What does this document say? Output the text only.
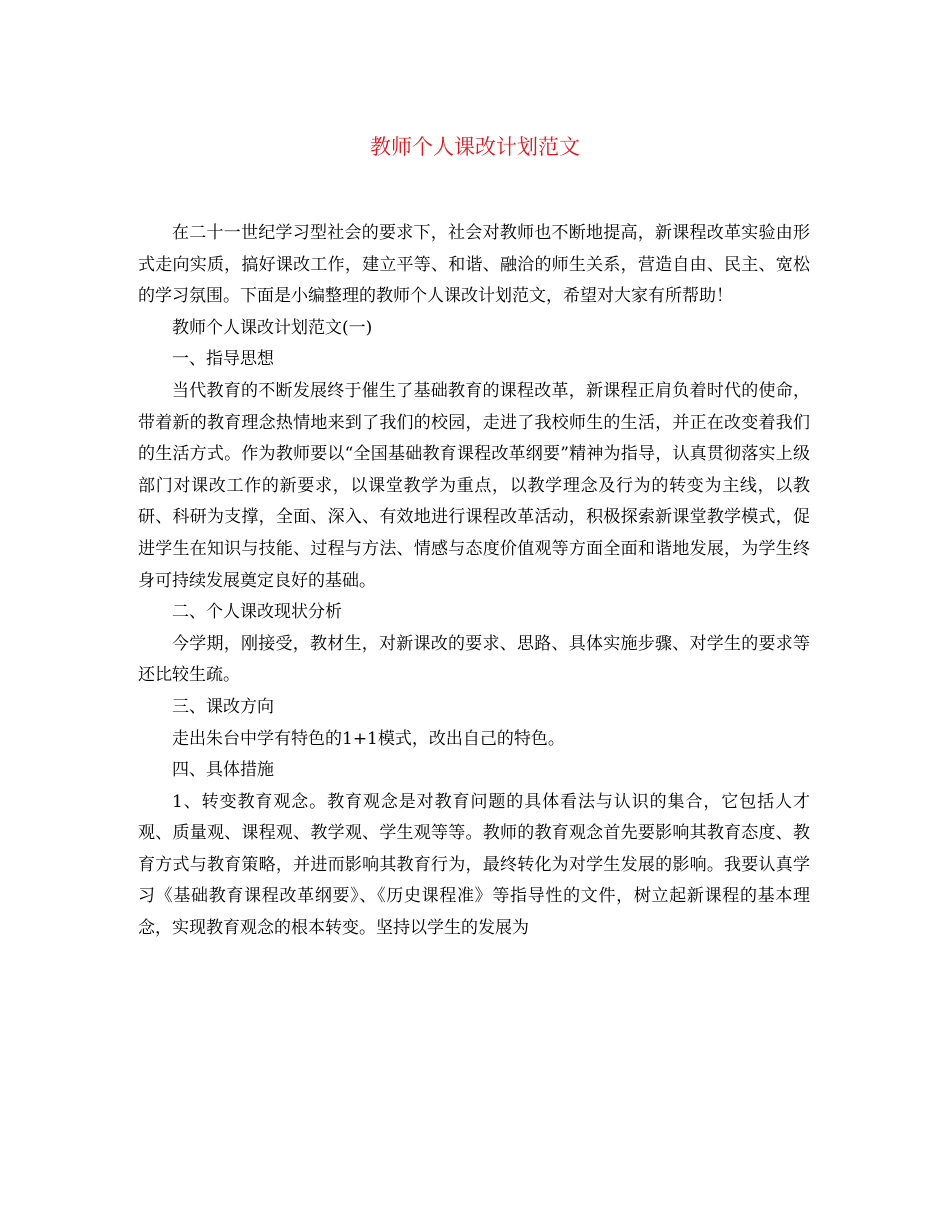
教师个人课改计划范文

在二十一世纪学习型社会的要求下，社会对教师也不断地提高，新课程改革实验由形式走向实质，搞好课改工作，建立平等、和谐、融洽的师生关系，营造自由、民主、宽松的学习氛围。下面是小编整理的教师个人课改计划范文，希望对大家有所帮助！

教师个人课改计划范文(一)

一、指导思想

当代教育的不断发展终于催生了基础教育的课程改革，新课程正肩负着时代的使命，带着新的教育理念热情地来到了我们的校园，走进了我校师生的生活，并正在改变着我们的生活方式。作为教师要以“全国基础教育课程改革纲要”精神为指导，认真贯彻落实上级部门对课改工作的新要求，以课堂教学为重点，以教学理念及行为的转变为主线，以教研、科研为支撑，全面、深入、有效地进行课程改革活动，积极探索新课堂教学模式，促进学生在知识与技能、过程与方法、情感与态度价值观等方面全面和谐地发展，为学生终身可持续发展奠定良好的基础。

二、个人课改现状分析

今学期，刚接受，教材生，对新课改的要求、思路、具体实施步骤、对学生的要求等还比较生疏。

三、课改方向

走出朱台中学有特色的1+1模式，改出自己的特色。

四、具体措施

1、转变教育观念。教育观念是对教育问题的具体看法与认识的集合，它包括人才观、质量观、课程观、教学观、学生观等等。教师的教育观念首先要影响其教育态度、教育方式与教育策略，并进而影响其教育行为，最终转化为对学生发展的影响。我要认真学习《基础教育课程改革纲要》、《历史课程准》等指导性的文件，树立起新课程的基本理念，实现教育观念的根本转变。坚持以学生的发展为
